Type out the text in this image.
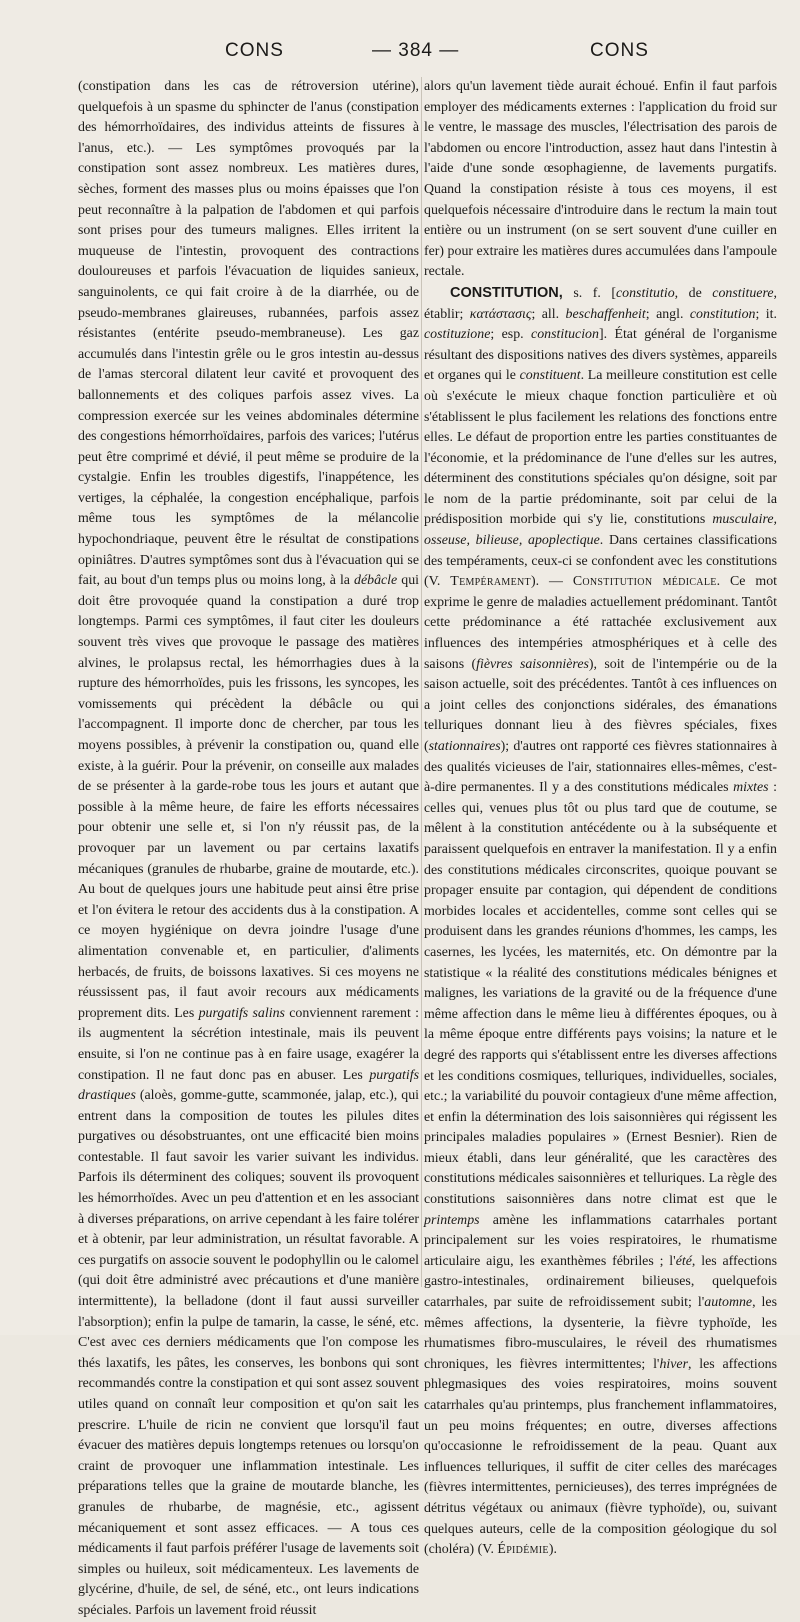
CONS	— 384 —	CONS

(constipation dans les cas de rétroversion utérine), quelquefois à un spasme du sphincter de l'anus (constipation des hémorrhoïdaires, des individus atteints de fissures à l'anus, etc.). — Les symptômes provoqués par la constipation sont assez nombreux. Les matières dures, sèches, forment des masses plus ou moins épaisses que l'on peut reconnaître à la palpation de l'abdomen et qui parfois sont prises pour des tumeurs malignes. Elles irritent la muqueuse de l'intestin, provoquent des contractions douloureuses et parfois l'évacuation de liquides sanieux, sanguinolents, ce qui fait croire à de la diarrhée, ou de pseudo-membranes glaireuses, rubannées, parfois assez résistantes (entérite pseudo-membraneuse). Les gaz accumulés dans l'intestin grêle ou le gros intestin au-dessus de l'amas stercoral dilatent leur cavité et provoquent des ballonnements et des coliques parfois assez vives. La compression exercée sur les veines abdominales détermine des congestions hémorrhoïdaires, parfois des varices; l'utérus peut être comprimé et dévié, il peut même se produire de la cystalgie. Enfin les troubles digestifs, l'inappétence, les vertiges, la céphalée, la congestion encéphalique, parfois même tous les symptômes de la mélancolie hypochondriaque, peuvent être le résultat de constipations opiniâtres. D'autres symptômes sont dus à l'évacuation qui se fait, au bout d'un temps plus ou moins long, à la débâcle qui doit être provoquée quand la constipation a duré trop longtemps. Parmi ces symptômes, il faut citer les douleurs souvent très vives que provoque le passage des matières alvines, le prolapsus rectal, les hémorrhagies dues à la rupture des hémorrhoïdes, puis les frissons, les syncopes, les vomissements qui précèdent la débâcle ou qui l'accompagnent. Il importe donc de chercher, par tous les moyens possibles, à prévenir la constipation ou, quand elle existe, à la guérir. Pour la prévenir, on conseille aux malades de se présenter à la garde-robe tous les jours et autant que possible à la même heure, de faire les efforts nécessaires pour obtenir une selle et, si l'on n'y réussit pas, de la provoquer par un lavement ou par certains laxatifs mécaniques (granules de rhubarbe, graine de moutarde, etc.). Au bout de quelques jours une habitude peut ainsi être prise et l'on évitera le retour des accidents dus à la constipation. A ce moyen hygiénique on devra joindre l'usage d'une alimentation convenable et, en particulier, d'aliments herbacés, de fruits, de boissons laxatives. Si ces moyens ne réussissent pas, il faut avoir recours aux médicaments proprement dits. Les purgatifs salins conviennent rarement : ils augmentent la sécrétion intestinale, mais ils peuvent ensuite, si l'on ne continue pas à en faire usage, exagérer la constipation. Il ne faut donc pas en abuser. Les purgatifs drastiques (aloès, gomme-gutte, scammonée, jalap, etc.), qui entrent dans la composition de toutes les pilules dites purgatives ou désobstruantes, ont une efficacité bien moins contestable. Il faut savoir les varier suivant les individus. Parfois ils déterminent des coliques; souvent ils provoquent les hémorrhoïdes. Avec un peu d'attention et en les associant à diverses préparations, on arrive cependant à les faire tolérer et à obtenir, par leur administration, un résultat favorable. A ces purgatifs on associe souvent le podophyllin ou le calomel (qui doit être administré avec précautions et d'une manière intermittente), la belladone (dont il faut aussi surveiller l'absorption); enfin la pulpe de tamarin, la casse, le séné, etc. C'est avec ces derniers médicaments que l'on compose les thés laxatifs, les pâtes, les conserves, les bonbons qui sont recommandés contre la constipation et qui sont assez souvent utiles quand on connaît leur composition et qu'on sait les prescrire. L'huile de ricin ne convient que lorsqu'il faut évacuer des matières depuis longtemps retenues ou lorsqu'on craint de provoquer une inflammation intestinale. Les préparations telles que la graine de moutarde blanche, les granules de rhubarbe, de magnésie, etc., agissent mécaniquement et sont assez efficaces. — A tous ces médicaments il faut parfois préférer l'usage de lavements soit simples ou huileux, soit médicamenteux. Les lavements de glycérine, d'huile, de sel, de séné, etc., ont leurs indications spéciales. Parfois un lavement froid réussit

alors qu'un lavement tiède aurait échoué. Enfin il faut parfois employer des médicaments externes : l'application du froid sur le ventre, le massage des muscles, l'électrisation des parois de l'abdomen ou encore l'introduction, assez haut dans l'intestin à l'aide d'une sonde œsophagienne, de lavements purgatifs. Quand la constipation résiste à tous ces moyens, il est quelquefois nécessaire d'introduire dans le rectum la main tout entière ou un instrument (on se sert souvent d'une cuiller en fer) pour extraire les matières dures accumulées dans l'ampoule rectale.

CONSTITUTION, s. f. [constitutio, de constituere, établir; κατάστασις; all. beschaffenheit; angl. constitution; it. costituzione; esp. constitucion]. État général de l'organisme résultant des dispositions natives des divers systèmes, appareils et organes qui le constituent. La meilleure constitution est celle où s'exécute le mieux chaque fonction particulière et où s'établissent le plus facilement les relations des fonctions entre elles. Le défaut de proportion entre les parties constituantes de l'économie, et la prédominance de l'une d'elles sur les autres, déterminent des constitutions spéciales qu'on désigne, soit par le nom de la partie prédominante, soit par celui de la prédisposition morbide qui s'y lie, constitutions musculaire, osseuse, bilieuse, apoplectique. Dans certaines classifications des tempéraments, ceux-ci se confondent avec les constitutions (V. Tempérament). — Constitution médicale. Ce mot exprime le genre de maladies actuellement prédominant. Tantôt cette prédominance a été rattachée exclusivement aux influences des intempéries atmosphériques et à celle des saisons (fièvres saisonnières), soit de l'intempérie ou de la saison actuelle, soit des précédentes. Tantôt à ces influences on a joint celles des conjonctions sidérales, des émanations telluriques donnant lieu à des fièvres spéciales, fixes (stationnaires); d'autres ont rapporté ces fièvres stationnaires à des qualités vicieuses de l'air, stationnaires elles-mêmes, c'est-à-dire permanentes. Il y a des constitutions médicales mixtes : celles qui, venues plus tôt ou plus tard que de coutume, se mêlent à la constitution antécédente ou à la subséquente et paraissent quelquefois en entraver la manifestation. Il y a enfin des constitutions médicales circonscrites, quoique pouvant se propager ensuite par contagion, qui dépendent de conditions morbides locales et accidentelles, comme sont celles qui se produisent dans les grandes réunions d'hommes, les camps, les casernes, les lycées, les maternités, etc. On démontre par la statistique « la réalité des constitutions médicales bénignes et malignes, les variations de la gravité ou de la fréquence d'une même affection dans le même lieu à différentes époques, ou à la même époque entre différents pays voisins; la nature et le degré des rapports qui s'établissent entre les diverses affections et les conditions cosmiques, telluriques, individuelles, sociales, etc.; la variabilité du pouvoir contagieux d'une même affection, et enfin la détermination des lois saisonnières qui régissent les principales maladies populaires » (Ernest Besnier). Rien de mieux établi, dans leur généralité, que les caractères des constitutions médicales saisonnières et telluriques. La règle des constitutions saisonnières dans notre climat est que le printemps amène les inflammations catarrhales portant principalement sur les voies respiratoires, le rhumatisme articulaire aigu, les exanthèmes fébriles ; l'été, les affections gastro-intestinales, ordinairement bilieuses, quelquefois catarrhales, par suite de refroidissement subit; l'automne, les mêmes affections, la dysenterie, la fièvre typhoïde, les rhumatismes fibro-musculaires, le réveil des rhumatismes chroniques, les fièvres intermittentes; l'hiver, les affections phlegmasiques des voies respiratoires, moins souvent catarrhales qu'au printemps, plus franchement inflammatoires, un peu moins fréquentes; en outre, diverses affections qu'occasionne le refroidissement de la peau. Quant aux influences telluriques, il suffit de citer celles des marécages (fièvres intermittentes, pernicieuses), des terres imprégnées de détritus végétaux ou animaux (fièvre typhoïde), ou, suivant quelques auteurs, celle de la composition géologique du sol (choléra) (V. Épidémie).
